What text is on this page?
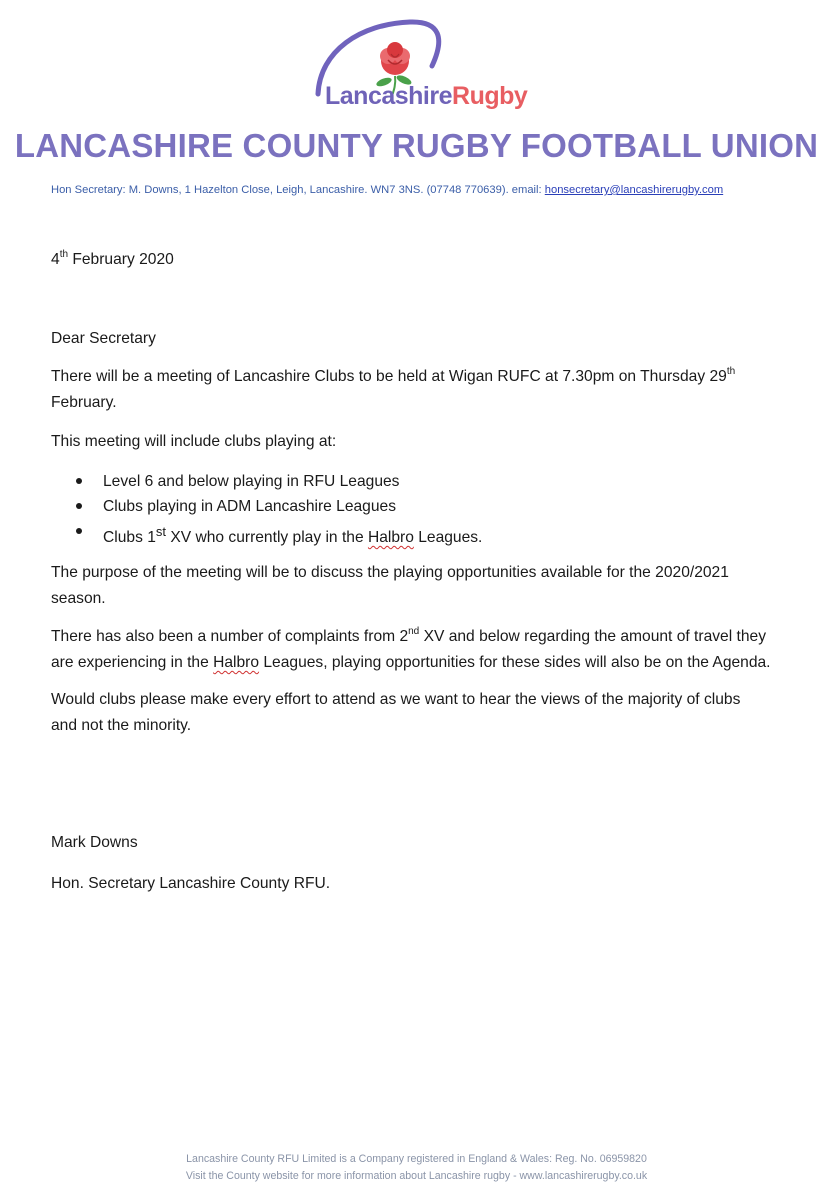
LancashireRugby
LANCASHIRE COUNTY RUGBY FOOTBALL UNION
Hon Secretary: M. Downs, 1 Hazelton Close, Leigh, Lancashire. WN7 3NS. (07748 770639). email: honsecretary@lancashirerugby.com
4th February 2020
Dear Secretary
There will be a meeting of Lancashire Clubs to be held at Wigan RUFC at 7.30pm on Thursday 29th
February.
This meeting will include clubs playing at:
Level 6 and below playing in RFU Leagues
Clubs playing in ADM Lancashire Leagues
Clubs 1st XV who currently play in the Halbro Leagues.
The purpose of the meeting will be to discuss the playing opportunities available for the 2020/2021
season.
There has also been a number of complaints from 2nd XV and below regarding the amount of travel they
are experiencing in the Halbro Leagues, playing opportunities for these sides will also be on the Agenda.
Would clubs please make every effort to attend as we want to hear the views of the majority of clubs
and not the minority.
Mark Downs
Hon. Secretary Lancashire County RFU.
Lancashire County RFU Limited is a Company registered in England & Wales: Reg. No. 06959820
Visit the County website for more information about Lancashire rugby - www.lancashirerugby.co.uk
